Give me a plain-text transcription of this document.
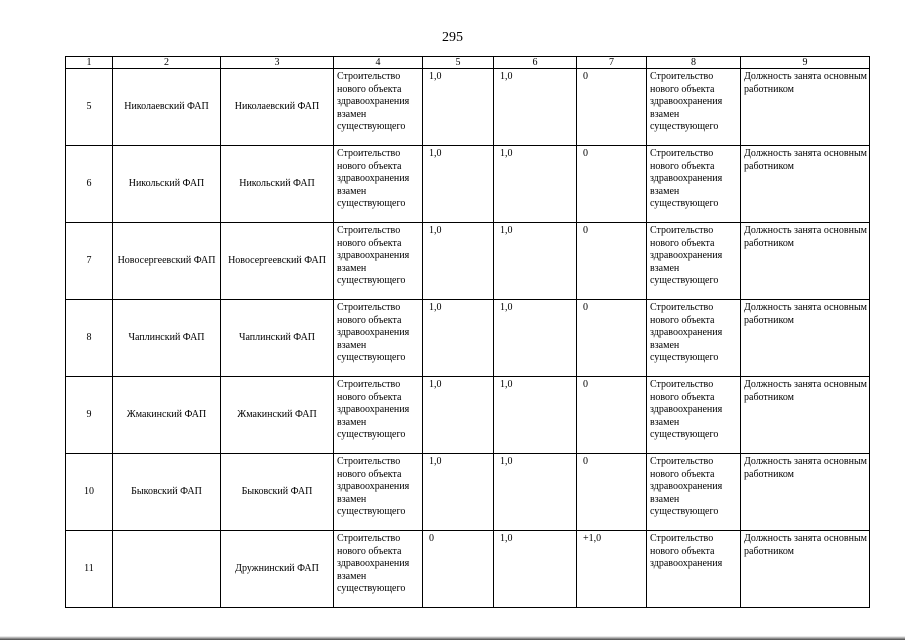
295
1	2	3	4	5	6	7	8	9
5	Николаевский ФАП	Николаевский ФАП	Строительство нового объекта здравоохранения взамен существующего	1,0	1,0	0	Строительство нового объекта здравоохранения взамен существующего	Должность занята основным работником
6	Никольский ФАП	Никольский ФАП	Строительство нового объекта здравоохранения взамен существующего	1,0	1,0	0	Строительство нового объекта здравоохранения взамен существующего	Должность занята основным работником
7	Новосергеевский ФАП	Новосергеевский ФАП	Строительство нового объекта здравоохранения взамен существующего	1,0	1,0	0	Строительство нового объекта здравоохранения взамен существующего	Должность занята основным работником
8	Чаплинский ФАП	Чаплинский ФАП	Строительство нового объекта здравоохранения взамен существующего	1,0	1,0	0	Строительство нового объекта здравоохранения взамен существующего	Должность занята основным работником
9	Жмакинский ФАП	Жмакинский ФАП	Строительство нового объекта здравоохранения взамен существующего	1,0	1,0	0	Строительство нового объекта здравоохранения взамен существующего	Должность занята основным работником
10	Быковский ФАП	Быковский ФАП	Строительство нового объекта здравоохранения взамен существующего	1,0	1,0	0	Строительство нового объекта здравоохранения взамен существующего	Должность занята основным работником
11		Дружнинский ФАП	Строительство нового объекта здравоохранения взамен существующего	0	1,0	+1,0	Строительство нового объекта здравоохранения	Должность занята основным работником
